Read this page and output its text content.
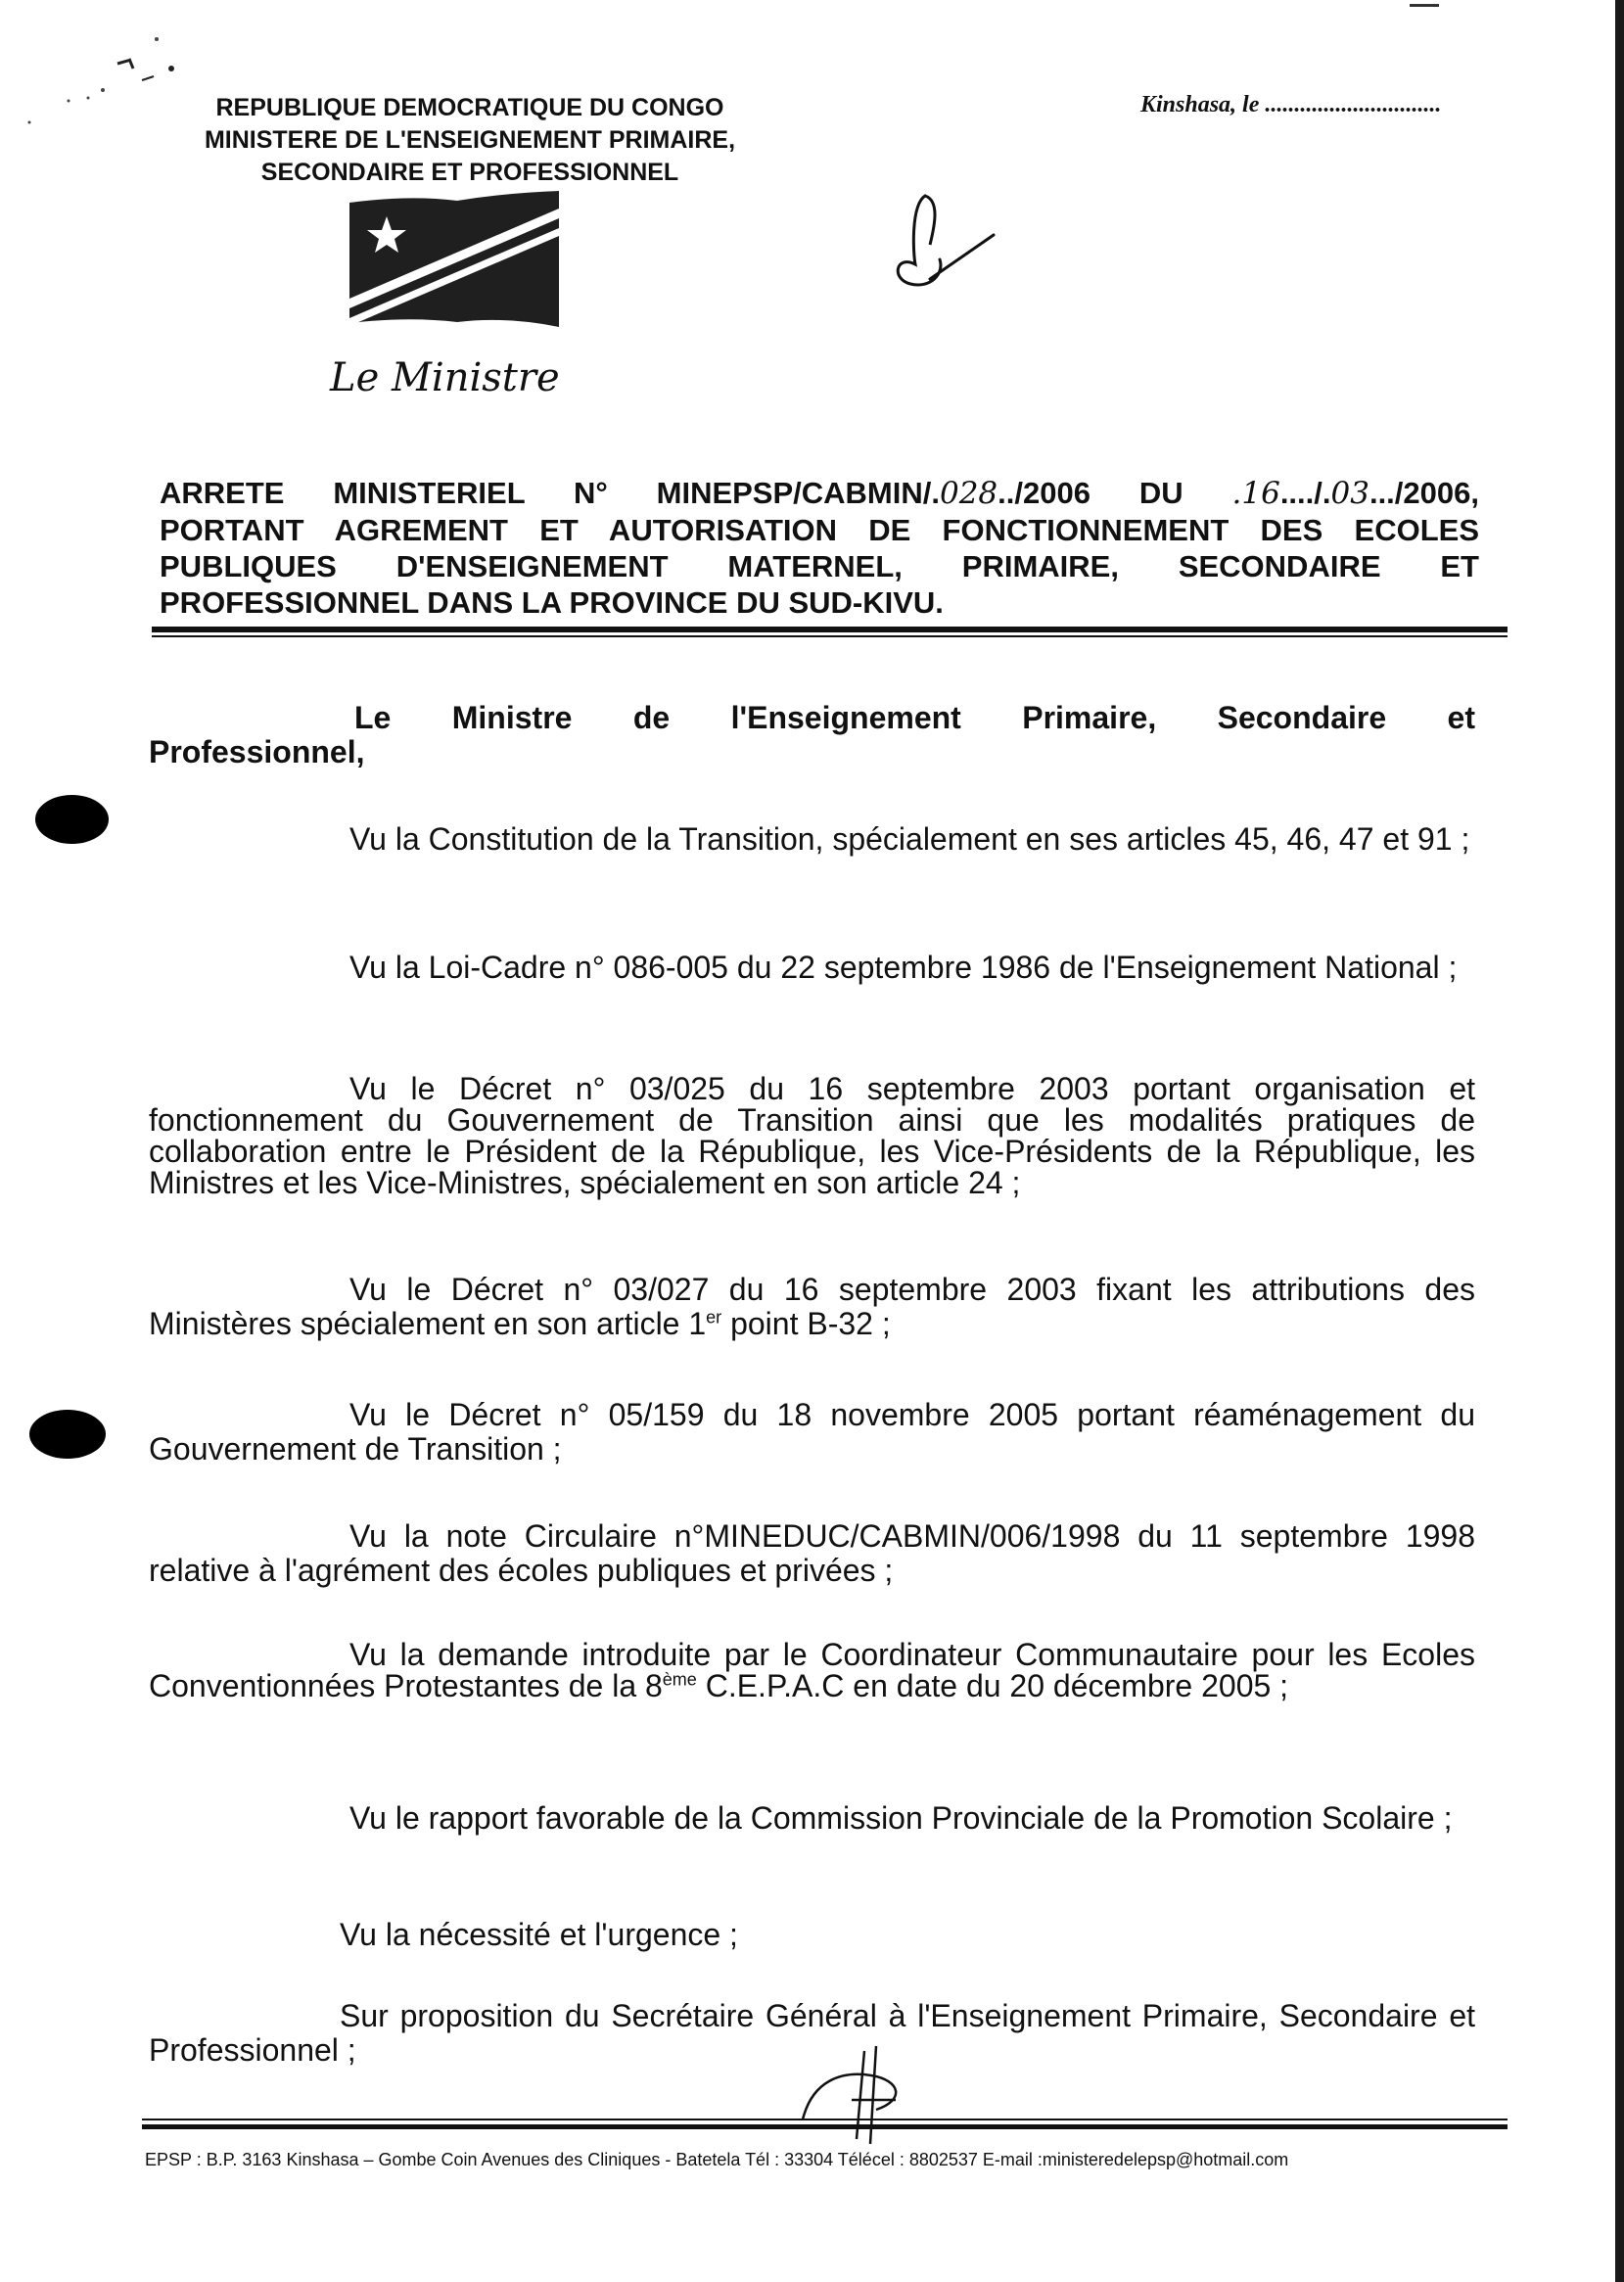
REPUBLIQUE DEMOCRATIQUE DU CONGO
MINISTERE DE L'ENSEIGNEMENT PRIMAIRE,
SECONDAIRE ET PROFESSIONNEL
Kinshasa, le ..............................
Le Ministre
ARRETE MINISTERIEL N° MINEPSP/CABMIN/.028../2006 DU .16..../.03.../2006,
PORTANT AGREMENT ET AUTORISATION DE FONCTIONNEMENT DES ECOLES
PUBLIQUES D'ENSEIGNEMENT MATERNEL, PRIMAIRE, SECONDAIRE ET
PROFESSIONNEL DANS LA PROVINCE DU SUD-KIVU.
Le Ministre de l'Enseignement Primaire, Secondaire et
Professionnel,
Vu la Constitution de la Transition, spécialement en ses articles 45, 46, 47 et 91 ;
Vu la Loi-Cadre n° 086-005 du 22 septembre 1986 de l'Enseignement National ;
Vu le Décret n° 03/025 du 16 septembre 2003 portant organisation et fonctionnement du Gouvernement de Transition ainsi que les modalités pratiques de collaboration entre le Président de la République, les Vice-Présidents de la République, les Ministres et les Vice-Ministres, spécialement en son article 24 ;
Vu le Décret n° 03/027 du 16 septembre 2003 fixant les attributions des Ministères spécialement en son article 1er point B-32 ;
Vu le Décret n° 05/159 du 18 novembre 2005 portant réaménagement du Gouvernement de Transition ;
Vu la note Circulaire n°MINEDUC/CABMIN/006/1998 du 11 septembre 1998 relative à l'agrément des écoles publiques et privées ;
Vu la demande introduite par le Coordinateur Communautaire pour les Ecoles Conventionnées Protestantes de la 8ème C.E.P.A.C en date du 20 décembre 2005 ;
Vu le rapport favorable de la Commission Provinciale de la Promotion Scolaire ;
Vu la nécessité et l'urgence ;
Sur proposition du Secrétaire Général à l'Enseignement Primaire, Secondaire et Professionnel ;
EPSP : B.P. 3163 Kinshasa – Gombe Coin Avenues des Cliniques - Batetela Tél : 33304 Télécel : 8802537 E-mail :ministeredelepsp@hotmail.com
